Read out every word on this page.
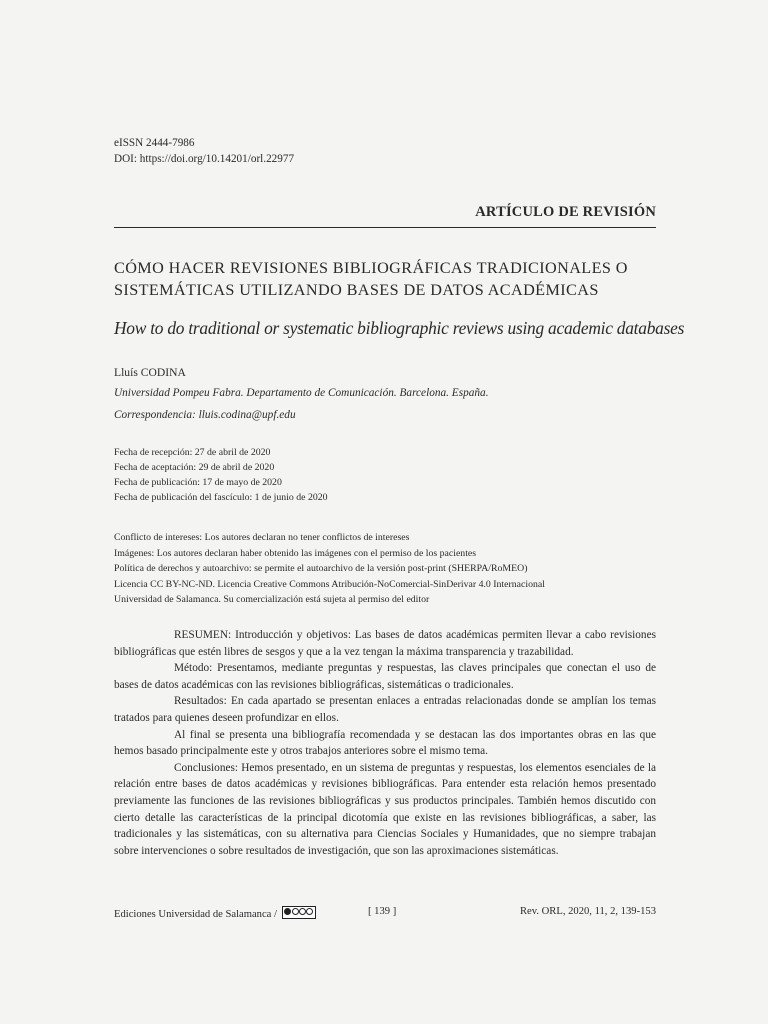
eISSN 2444-7986
DOI: https://doi.org/10.14201/orl.22977
ARTÍCULO DE REVISIÓN
CÓMO HACER REVISIONES BIBLIOGRÁFICAS TRADICIONALES O
SISTEMÁTICAS UTILIZANDO BASES DE DATOS ACADÉMICAS
How to do traditional or systematic bibliographic reviews using academic databases
Lluís CODINA
Universidad Pompeu Fabra. Departamento de Comunicación. Barcelona. España.
Correspondencia: lluis.codina@upf.edu
Fecha de recepción: 27 de abril de 2020
Fecha de aceptación: 29 de abril de 2020
Fecha de publicación: 17 de mayo de 2020
Fecha de publicación del fascículo: 1 de junio de 2020
Conflicto de intereses: Los autores declaran no tener conflictos de intereses
Imágenes: Los autores declaran haber obtenido las imágenes con el permiso de los pacientes
Política de derechos y autoarchivo: se permite el autoarchivo de la versión post-print (SHERPA/RoMEO)
Licencia CC BY-NC-ND. Licencia Creative Commons Atribución-NoComercial-SinDerivar 4.0 Internacional
Universidad de Salamanca. Su comercialización está sujeta al permiso del editor

RESUMEN: Introducción y objetivos: Las bases de datos académicas permiten llevar a cabo revisiones bibliográficas que estén libres de sesgos y que a la vez tengan la máxima transparencia y trazabilidad.

Método: Presentamos, mediante preguntas y respuestas, las claves principales que conectan el uso de bases de datos académicas con las revisiones bibliográficas, sistemáticas o tradicionales.

Resultados: En cada apartado se presentan enlaces a entradas relacionadas donde se amplían los temas tratados para quienes deseen profundizar en ellos.

Al final se presenta una bibliografía recomendada y se destacan las dos importantes obras en las que hemos basado principalmente este y otros trabajos anteriores sobre el mismo tema.

Conclusiones: Hemos presentado, en un sistema de preguntas y respuestas, los elementos esenciales de la relación entre bases de datos académicas y revisiones bibliográficas. Para entender esta relación hemos presentado previamente las funciones de las revisiones bibliográficas y sus productos principales. También hemos discutido con cierto detalle las características de la principal dicotomía que existe en las revisiones bibliográficas, a saber, las tradicionales y las sistemáticas, con su alternativa para Ciencias Sociales y Humanidades, que no siempre trabajan sobre intervenciones o sobre resultados de investigación, que son las aproximaciones sistemáticas.

Ediciones Universidad de Salamanca /	[ 139 ]	Rev. ORL, 2020, 11, 2, 139-153
